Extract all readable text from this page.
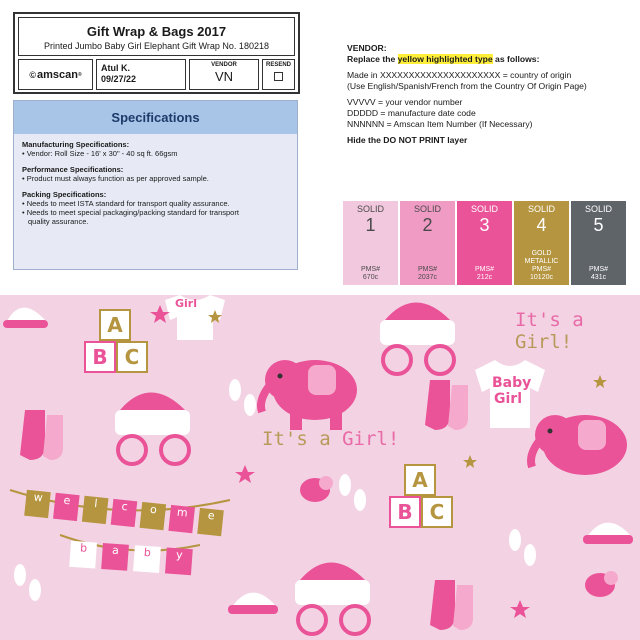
Gift Wrap & Bags 2017
Printed Jumbo Baby Girl Elephant Gift Wrap No. 180218
© amscan ®
Atul K.
09/27/22
VENDOR
VN
RESEND
Specifications
Manufacturing Specifications:
• Vendor: Roll Size - 16' x 30" - 40 sq ft. 66gsm
Performance Specifications:
• Product must always function as per approved sample.
Packing Specifications:
• Needs to meet ISTA standard for transport quality assurance.
• Needs to meet special packaging/packing standard for transport
quality assurance.
VENDOR:

Replace the yellow highlighted type as follows:

Made in XXXXXXXXXXXXXXXXXXXXX = country of origin
(Use English/Spanish/French from the Country Of Origin Page)

VVVVV = your vendor number
DDDDD = manufacture date code
NNNNNN = Amscan Item Number (If Necessary)

Hide the DO NOT PRINT layer
SOLID
1
PMS#
670c
SOLID
2
PMS#
2037c
SOLID
3
PMS#
212c
SOLID
4
GOLD METALLIC
PMS#
10120c
SOLID
5
PMS#
431c
A
B C
A
B C
Girl
Baby
Girl
It's a Girl!
It's a Girl!
w	e	l	c	o	m	e
b	a	b	y
